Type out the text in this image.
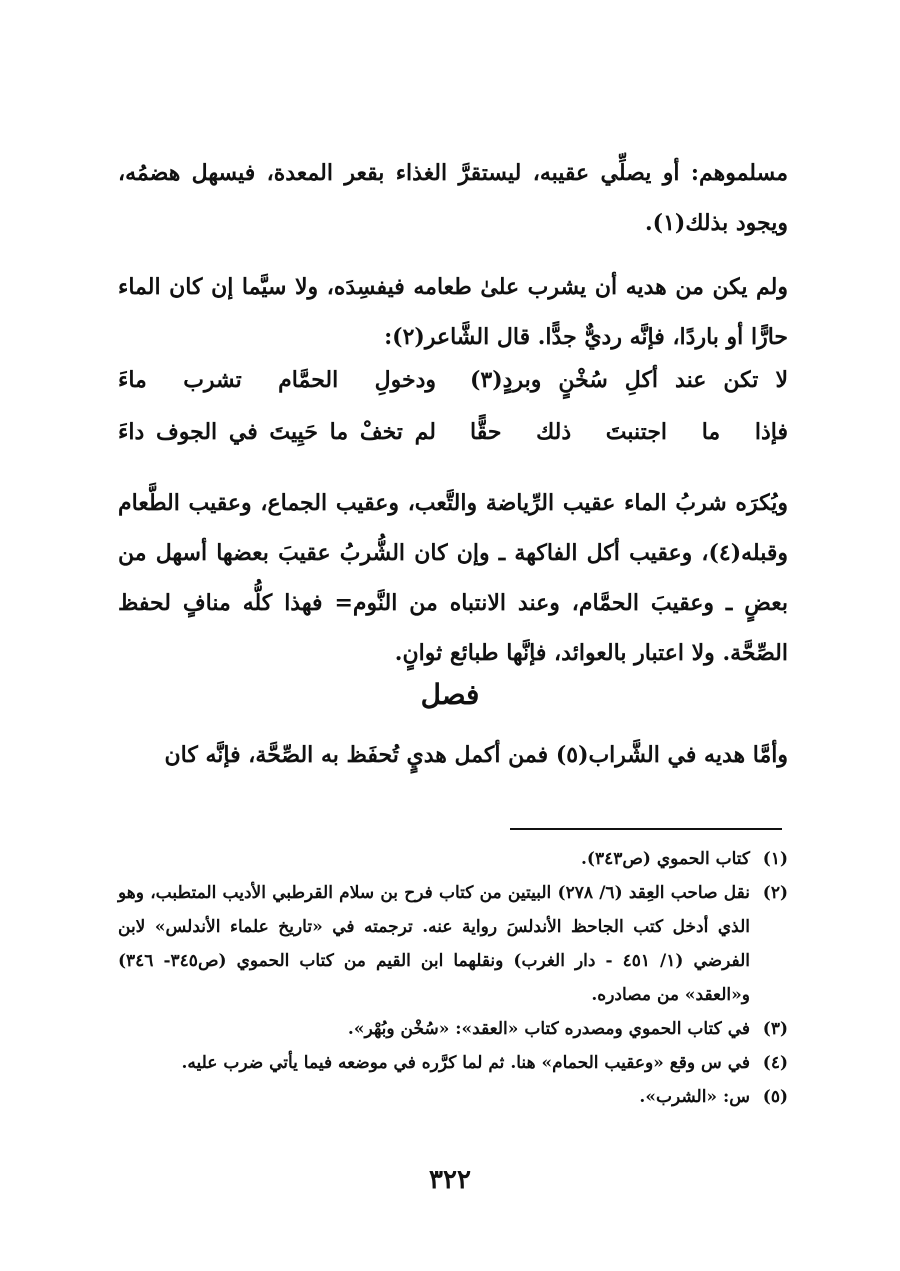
مسلموهم: أو يصلِّي عقيبه، ليستقرَّ الغذاء بقعر المعدة، فيسهل هضمُه، ويجود بذلك(١).
ولم يكن من هديه أن يشرب علىٰ طعامه فيفسِدَه، ولا سيَّما إن كان الماء حارًّا أو باردًا، فإنَّه رديٌّ جدًّا. قال الشَّاعر(٢):
لا تكن عند أكلِ سُخْنٍ وبردٍ(٣)
ودخولِ الحمَّام تشرب ماءَ
فإذا ما اجتنبتَ ذلك حقًّا
لم تخفْ ما حَيِيتَ في الجوف داءَ
ويُكرَه شربُ الماء عقيب الرِّياضة والتَّعب، وعقيب الجماع، وعقيب الطَّعام وقبله(٤)، وعقيب أكل الفاكهة ـ وإن كان الشُّربُ عقيبَ بعضها أسهل من بعضٍ ـ وعقيبَ الحمَّام، وعند الانتباه من النَّوم= فهذا كلُّه منافٍ لحفظ الصِّحَّة. ولا اعتبار بالعوائد، فإنَّها طبائع ثوانٍ.
فصل
وأمَّا هديه في الشَّراب(٥) فمن أكمل هديٍ تُحفَظ به الصِّحَّة، فإنَّه كان
(١)
كتاب الحموي (ص٣٤٣).
(٢)
نقل صاحب العِقد (٦/ ٢٧٨) البيتين من كتاب فرح بن سلام القرطبي الأديب المتطبب، وهو الذي أدخل كتب الجاحظ الأندلسَ رواية عنه. ترجمته في «تاريخ علماء الأندلس» لابن الفرضي (١/ ٤٥١ - دار الغرب) ونقلهما ابن القيم من كتاب الحموي (ص٣٤٥- ٣٤٦) و«العقد» من مصادره.
(٣)
في كتاب الحموي ومصدره كتاب «العقد»: «سُخْن وبُهْر».
(٤)
في س وقع «وعقيب الحمام» هنا. ثم لما كرَّره في موضعه فيما يأتي ضرب عليه.
(٥)
س: «الشرب».
٣٢٢
